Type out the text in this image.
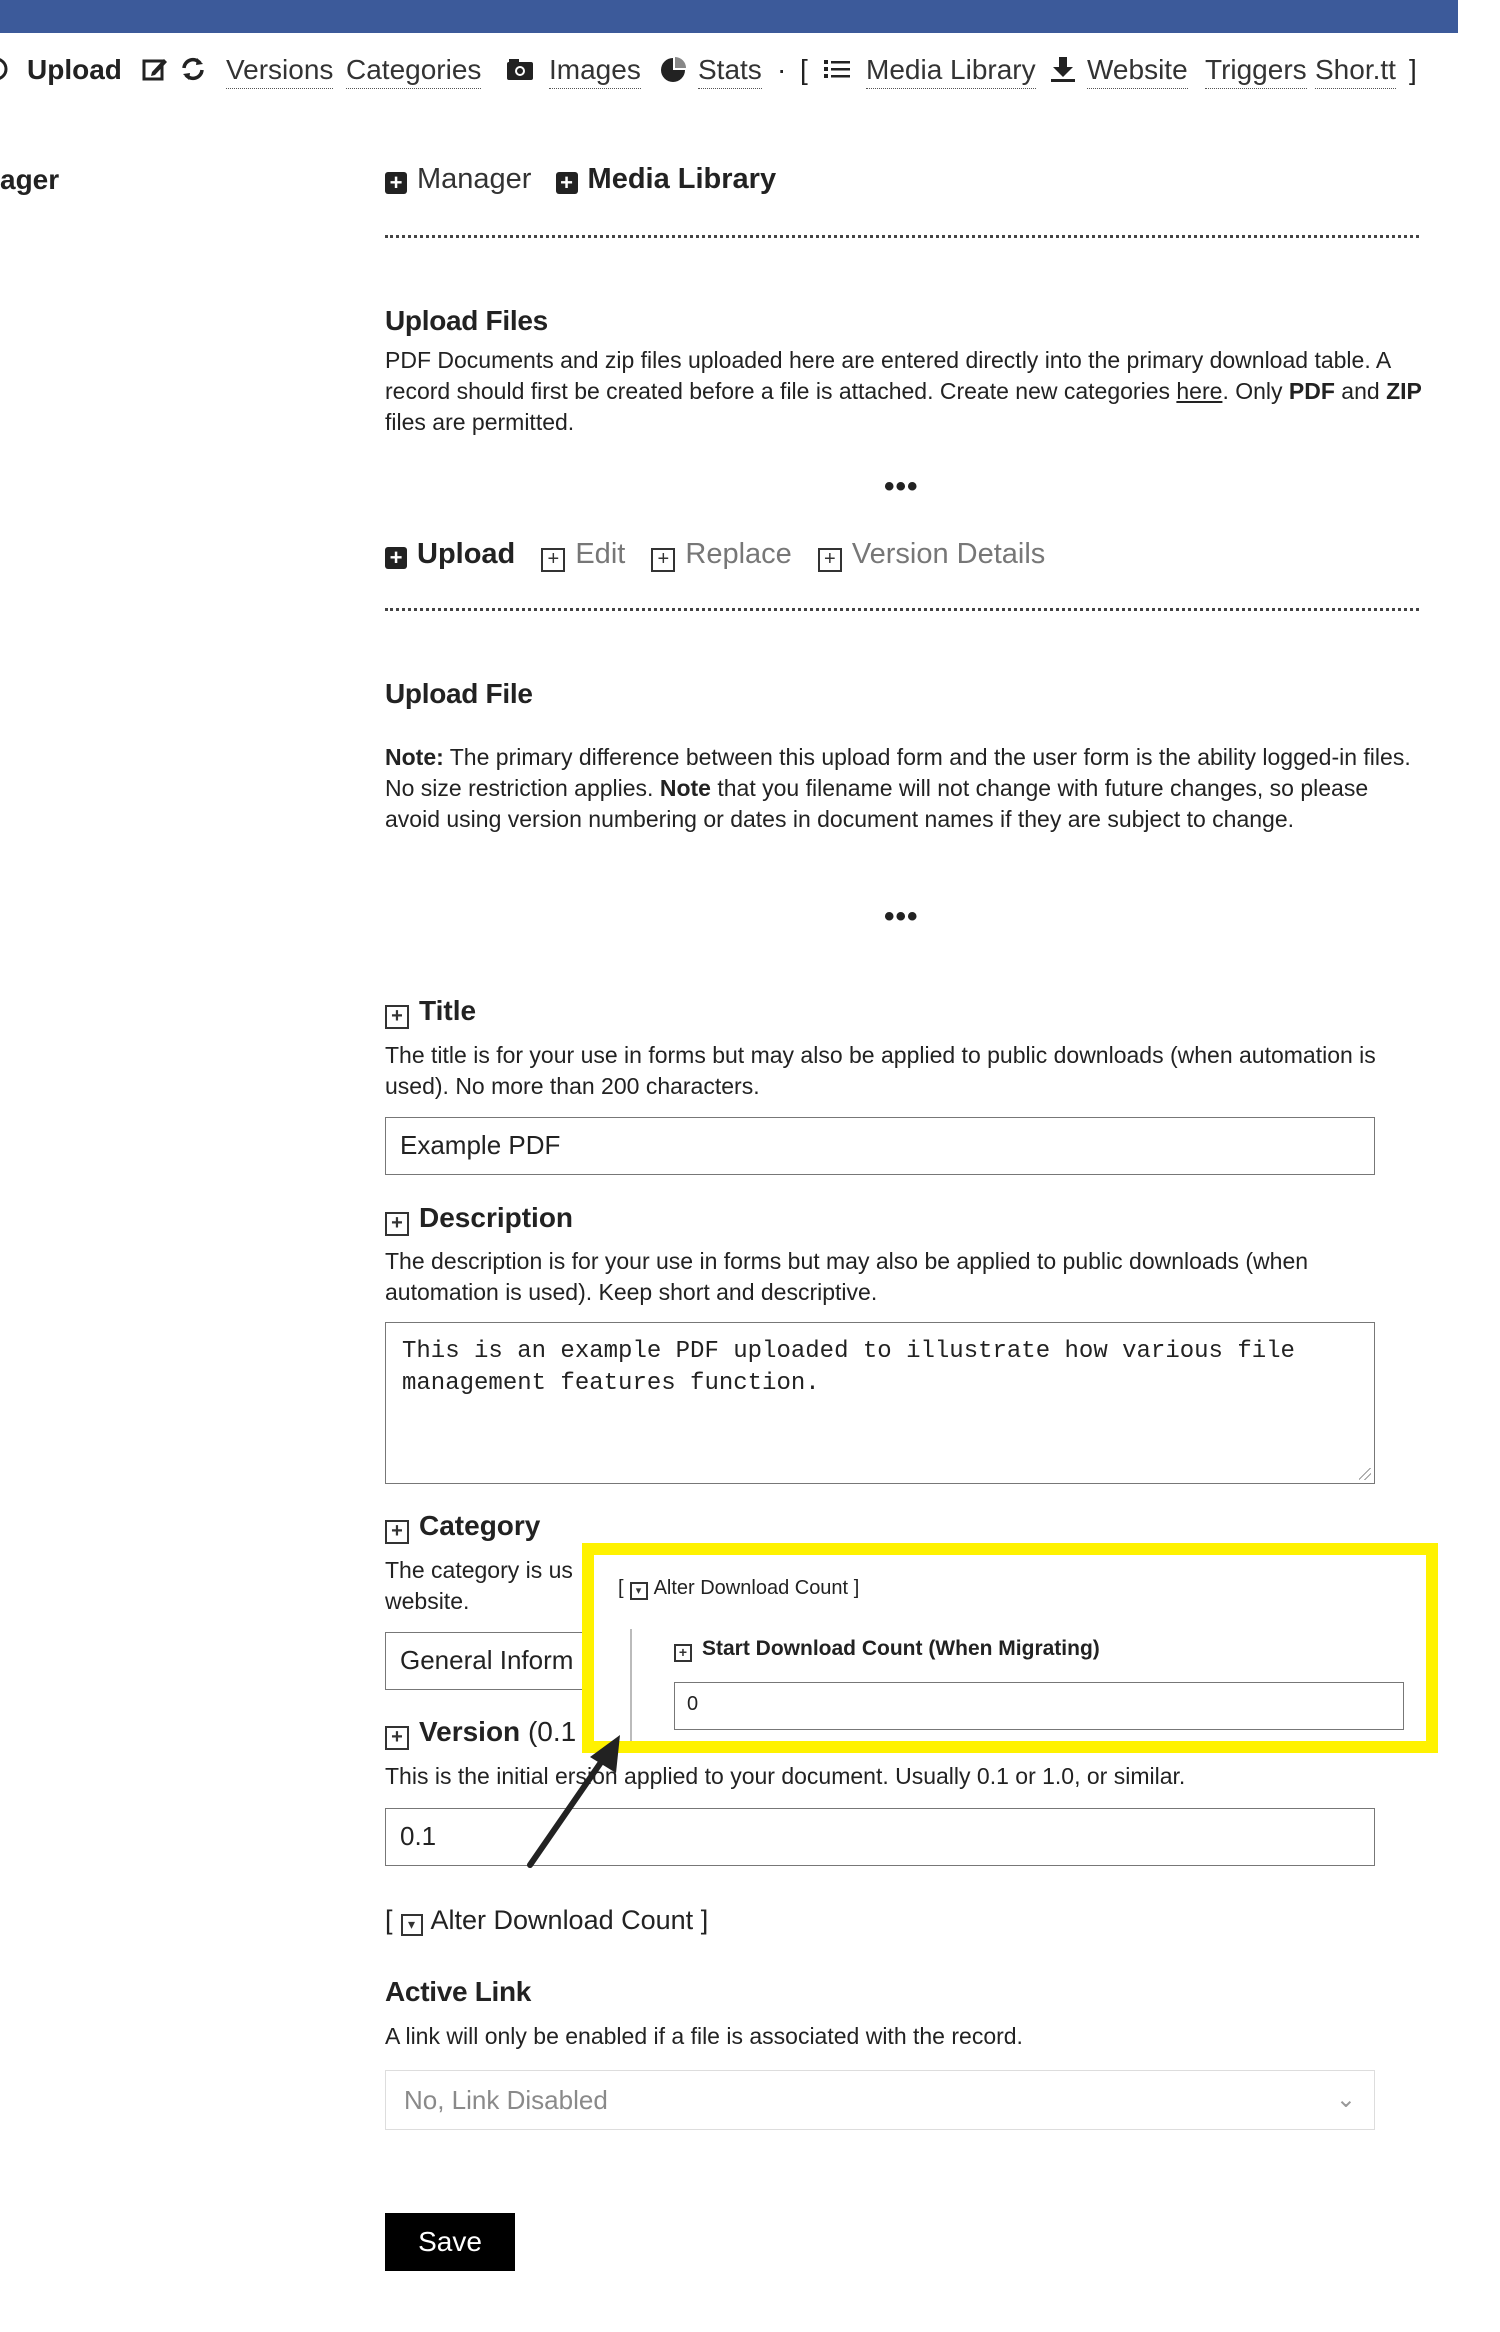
Upload	Versions Categories Images Stats · [ Media Library Website Triggers Shor.tt ]
ager	+ Manager + Media Library
Upload Files
PDF Documents and zip files uploaded here are entered directly into the primary download table. A record should first be created before a file is attached. Create new categories here. Only PDF and ZIP files are permitted.
•••
+ Upload + Edit + Replace + Version Details
Upload File
Note: The primary difference between this upload form and the user form is the ability logged-in files. No size restriction applies. Note that you filename will not change with future changes, so please avoid using version numbering or dates in document names if they are subject to change.
•••
+ Title
The title is for your use in forms but may also be applied to public downloads (when automation is used). No more than 200 characters.
Example PDF
+ Description
The description is for your use in forms but may also be applied to public downloads (when automation is used). Keep short and descriptive.
This is an example PDF uploaded to illustrate how various file management features function.
+ Category
The category is us
website.
General Inform
+ Version (0.1
This is the initial ersion applied to your document. Usually 0.1 or 1.0, or similar.
0.1
[ ▾ Alter Download Count ]
Active Link
A link will only be enabled if a file is associated with the record.
No, Link Disabled	⌄
Save
[ ▾ Alter Download Count ]
+ Start Download Count (When Migrating)
0
